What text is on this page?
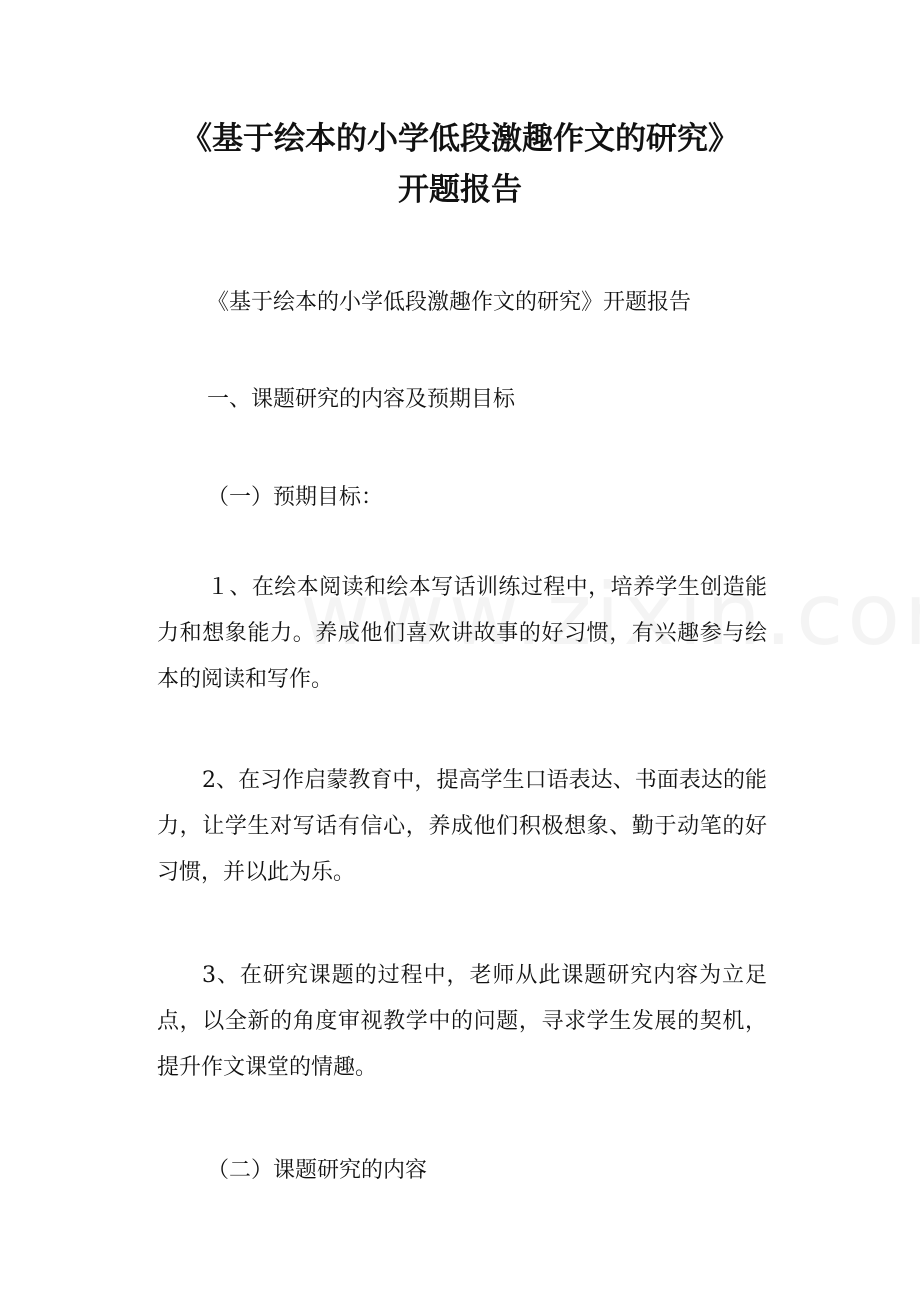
《基于绘本的小学低段激趣作文的研究》
开题报告

《基于绘本的小学低段激趣作文的研究》开题报告

一、课题研究的内容及预期目标

（一）预期目标：

１、在绘本阅读和绘本写话训练过程中，培养学生创造能力和想象能力。养成他们喜欢讲故事的好习惯，有兴趣参与绘本的阅读和写作。

2、在习作启蒙教育中，提高学生口语表达、书面表达的能力，让学生对写话有信心，养成他们积极想象、勤于动笔的好习惯，并以此为乐。

3、在研究课题的过程中，老师从此课题研究内容为立足点，以全新的角度审视教学中的问题，寻求学生发展的契机，提升作文课堂的情趣。

（二）课题研究的内容
